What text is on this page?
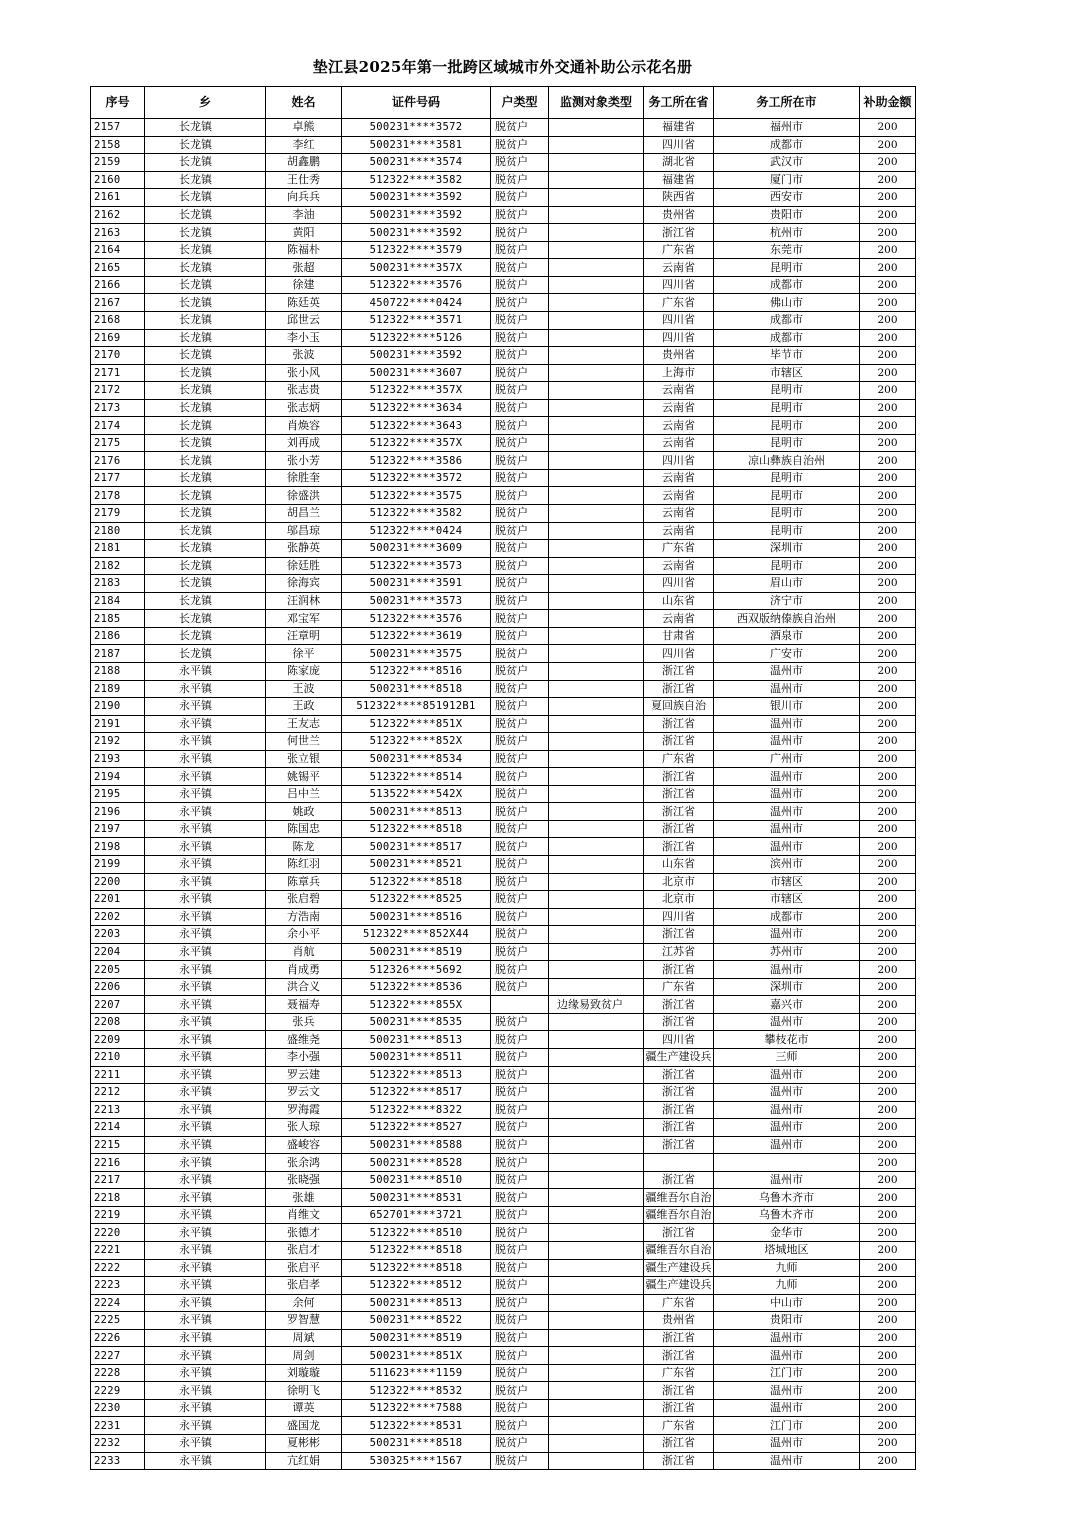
垫江县2025年第一批跨区域城市外交通补助公示花名册
序号	乡	姓名	证件号码	户类型	监测对象类型	务工所在省	务工所在市	补助金额
2157	长龙镇	卓熊	500231****3572	脱贫户		福建省	福州市	200
2158	长龙镇	李红	500231****3581	脱贫户		四川省	成都市	200
2159	长龙镇	胡鑫鹏	500231****3574	脱贫户		湖北省	武汉市	200
2160	长龙镇	王仕秀	512322****3582	脱贫户		福建省	厦门市	200
2161	长龙镇	向兵兵	500231****3592	脱贫户		陕西省	西安市	200
2162	长龙镇	李油	500231****3592	脱贫户		贵州省	贵阳市	200
2163	长龙镇	黄阳	500231****3592	脱贫户		浙江省	杭州市	200
2164	长龙镇	陈福朴	512322****3579	脱贫户		广东省	东莞市	200
2165	长龙镇	张超	500231****357X	脱贫户		云南省	昆明市	200
2166	长龙镇	徐建	512322****3576	脱贫户		四川省	成都市	200
2167	长龙镇	陈廷英	450722****0424	脱贫户		广东省	佛山市	200
2168	长龙镇	邱世云	512322****3571	脱贫户		四川省	成都市	200
2169	长龙镇	李小玉	512322****5126	脱贫户		四川省	成都市	200
2170	长龙镇	张波	500231****3592	脱贫户		贵州省	毕节市	200
2171	长龙镇	张小风	500231****3607	脱贫户		上海市	市辖区	200
2172	长龙镇	张志贵	512322****357X	脱贫户		云南省	昆明市	200
2173	长龙镇	张志炳	512322****3634	脱贫户		云南省	昆明市	200
2174	长龙镇	肖焕容	512322****3643	脱贫户		云南省	昆明市	200
2175	长龙镇	刘再成	512322****357X	脱贫户		云南省	昆明市	200
2176	长龙镇	张小芳	512322****3586	脱贫户		四川省	凉山彝族自治州	200
2177	长龙镇	徐胜奎	512322****3572	脱贫户		云南省	昆明市	200
2178	长龙镇	徐盛洪	512322****3575	脱贫户		云南省	昆明市	200
2179	长龙镇	胡昌兰	512322****3582	脱贫户		云南省	昆明市	200
2180	长龙镇	邬昌琼	512322****0424	脱贫户		云南省	昆明市	200
2181	长龙镇	张静英	500231****3609	脱贫户		广东省	深圳市	200
2182	长龙镇	徐廷胜	512322****3573	脱贫户		云南省	昆明市	200
2183	长龙镇	徐海宾	500231****3591	脱贫户		四川省	眉山市	200
2184	长龙镇	汪润林	500231****3573	脱贫户		山东省	济宁市	200
2185	长龙镇	邓宝军	512322****3576	脱贫户		云南省	西双版纳傣族自治州	200
2186	长龙镇	汪章明	512322****3619	脱贫户		甘肃省	酒泉市	200
2187	长龙镇	徐平	500231****3575	脱贫户		四川省	广安市	200
2188	永平镇	陈家庞	512322****8516	脱贫户		浙江省	温州市	200
2189	永平镇	王波	500231****8518	脱贫户		浙江省	温州市	200
2190	永平镇	王政	512322****851912B1	脱贫户		夏回族自治	银川市	200
2191	永平镇	王友志	512322****851X	脱贫户		浙江省	温州市	200
2192	永平镇	何世兰	512322****852X	脱贫户		浙江省	温州市	200
2193	永平镇	张立银	500231****8534	脱贫户		广东省	广州市	200
2194	永平镇	姚锡平	512322****8514	脱贫户		浙江省	温州市	200
2195	永平镇	吕中兰	513522****542X	脱贫户		浙江省	温州市	200
2196	永平镇	姚政	500231****8513	脱贫户		浙江省	温州市	200
2197	永平镇	陈国忠	512322****8518	脱贫户		浙江省	温州市	200
2198	永平镇	陈龙	500231****8517	脱贫户		浙江省	温州市	200
2199	永平镇	陈红羽	500231****8521	脱贫户		山东省	滨州市	200
2200	永平镇	陈章兵	512322****8518	脱贫户		北京市	市辖区	200
2201	永平镇	张启碧	512322****8525	脱贫户		北京市	市辖区	200
2202	永平镇	方浩南	500231****8516	脱贫户		四川省	成都市	200
2203	永平镇	余小平	512322****852X44	脱贫户		浙江省	温州市	200
2204	永平镇	肖航	500231****8519	脱贫户		江苏省	苏州市	200
2205	永平镇	肖成勇	512326****5692	脱贫户		浙江省	温州市	200
2206	永平镇	洪合义	512322****8536	脱贫户		广东省	深圳市	200
2207	永平镇	聂福寿	512322****855X		边缘易致贫户	浙江省	嘉兴市	200
2208	永平镇	张兵	500231****8535	脱贫户		浙江省	温州市	200
2209	永平镇	盛维尧	500231****8513	脱贫户		四川省	攀枝花市	200
2210	永平镇	李小强	500231****8511	脱贫户		疆生产建设兵	三师	200
2211	永平镇	罗云建	512322****8513	脱贫户		浙江省	温州市	200
2212	永平镇	罗云文	512322****8517	脱贫户		浙江省	温州市	200
2213	永平镇	罗海霞	512322****8322	脱贫户		浙江省	温州市	200
2214	永平镇	张人琼	512322****8527	脱贫户		浙江省	温州市	200
2215	永平镇	盛峻容	500231****8588	脱贫户		浙江省	温州市	200
2216	永平镇	张余鸿	500231****8528	脱贫户				200
2217	永平镇	张晓强	500231****8510	脱贫户		浙江省	温州市	200
2218	永平镇	张雄	500231****8531	脱贫户		疆维吾尔自治	乌鲁木齐市	200
2219	永平镇	肖维文	652701****3721	脱贫户		疆维吾尔自治	乌鲁木齐市	200
2220	永平镇	张德才	512322****8510	脱贫户		浙江省	金华市	200
2221	永平镇	张启才	512322****8518	脱贫户		疆维吾尔自治	塔城地区	200
2222	永平镇	张启平	512322****8518	脱贫户		疆生产建设兵	九师	200
2223	永平镇	张启孝	512322****8512	脱贫户		疆生产建设兵	九师	200
2224	永平镇	余何	500231****8513	脱贫户		广东省	中山市	200
2225	永平镇	罗智慧	500231****8522	脱贫户		贵州省	贵阳市	200
2226	永平镇	周斌	500231****8519	脱贫户		浙江省	温州市	200
2227	永平镇	周剑	500231****851X	脱贫户		浙江省	温州市	200
2228	永平镇	刘璇璇	511623****1159	脱贫户		广东省	江门市	200
2229	永平镇	徐明飞	512322****8532	脱贫户		浙江省	温州市	200
2230	永平镇	谭英	512322****7588	脱贫户		浙江省	温州市	200
2231	永平镇	盛国龙	512322****8531	脱贫户		广东省	江门市	200
2232	永平镇	夏彬彬	500231****8518	脱贫户		浙江省	温州市	200
2233	永平镇	亢红娟	530325****1567	脱贫户		浙江省	温州市	200
